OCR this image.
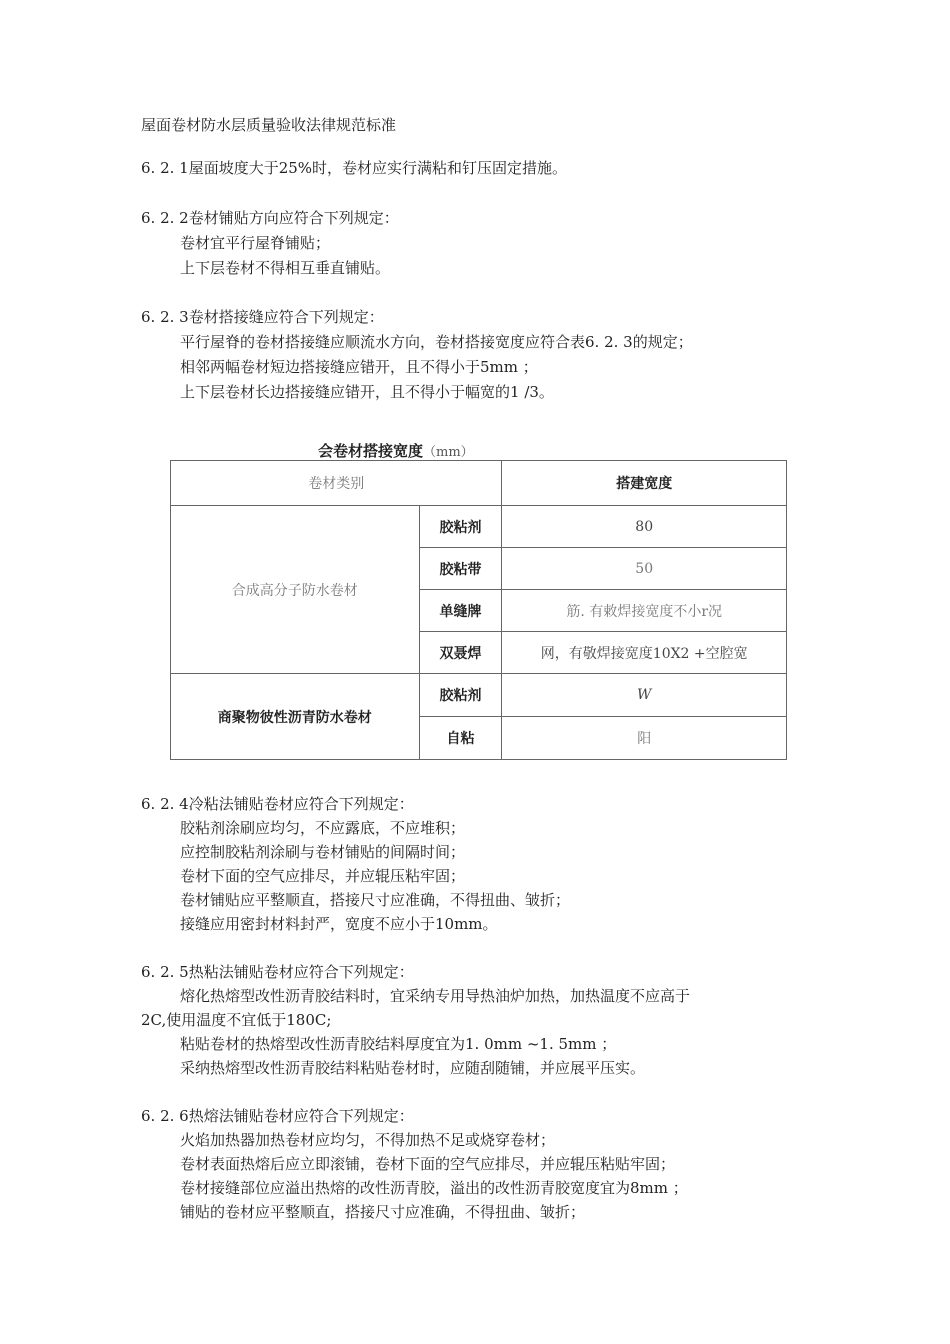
屋面卷材防水层质量验收法律规范标准
6. 2. 1屋面坡度大于25%时，卷材应实行满粘和钉压固定措施。
6. 2. 2卷材铺贴方向应符合下列规定：
卷材宜平行屋脊铺贴；
上下层卷材不得相互垂直铺贴。
6. 2. 3卷材搭接缝应符合下列规定：
平行屋脊的卷材搭接缝应顺流水方向，卷材搭接宽度应符合表6. 2. 3的规定；
相邻两幅卷材短边搭接缝应错开，且不得小于5mm ；
上下层卷材长边搭接缝应错开，且不得小于幅宽的1 /3。
会卷材搭接宽度（mm）
卷材类别		搭建宽度
合成高分子防水卷材	胶粘剂	80
	胶粘带	50
	单缝牌	筋. 有敕焊接宽度不小r况
	双聂焊	网，有敬焊接宽度10X2 +空腔宽
商聚物彼性沥青防水卷材	胶粘剂	W
	自粘	阳
6. 2. 4冷粘法铺贴卷材应符合下列规定：
胶粘剂涂刷应均匀，不应露底，不应堆积；
应控制胶粘剂涂刷与卷材铺贴的间隔时间；
卷材下面的空气应排尽，并应辊压粘牢固；
卷材铺贴应平整顺直，搭接尺寸应准确，不得扭曲、皱折；
接缝应用密封材料封严，宽度不应小于10mm。
6. 2. 5热粘法铺贴卷材应符合下列规定：
熔化热熔型改性沥青胶结料时，宜采纳专用导热油炉加热，加热温度不应高于
2C,使用温度不宜低于180C;
粘贴卷材的热熔型改性沥青胶结料厚度宜为1. 0mm ~1. 5mm ；
采纳热熔型改性沥青胶结料粘贴卷材时，应随刮随铺，并应展平压实。
6. 2. 6热熔法铺贴卷材应符合下列规定：
火焰加热器加热卷材应均匀，不得加热不足或烧穿卷材；
卷材表面热熔后应立即滚铺，卷材下面的空气应排尽，并应辊压粘贴牢固；
卷材接缝部位应溢出热熔的改性沥青胶，溢出的改性沥青胶宽度宜为8mm ；
铺贴的卷材应平整顺直，搭接尺寸应准确，不得扭曲、皱折；
